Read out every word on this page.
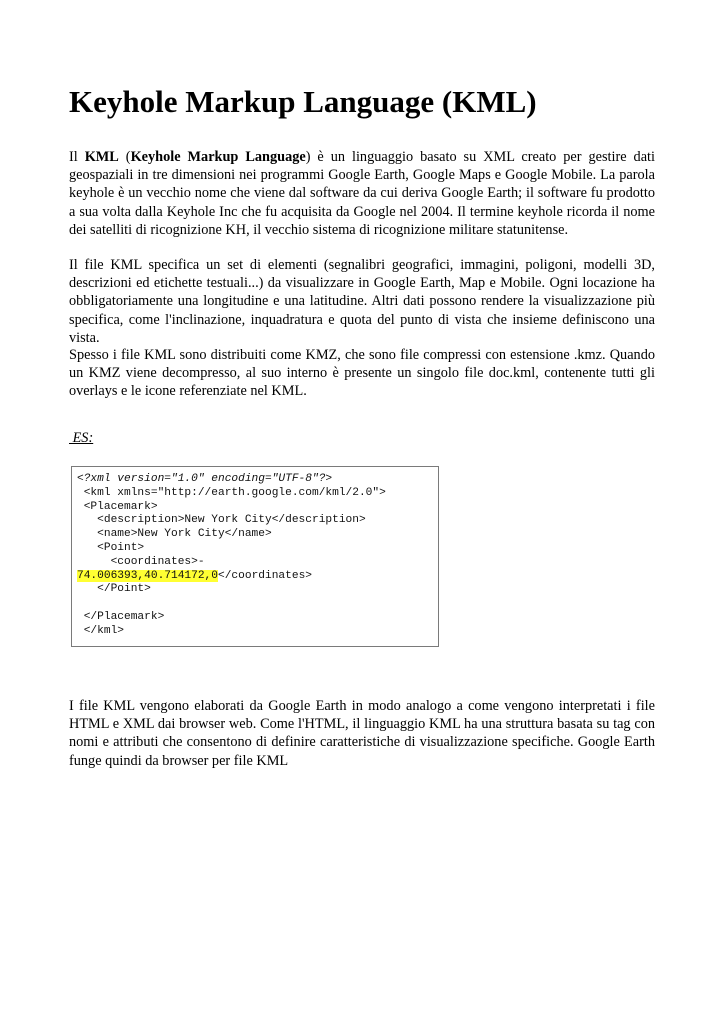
Keyhole Markup Language (KML)

Il KML (Keyhole Markup Language) è un linguaggio basato su XML creato per gestire dati geospaziali in tre dimensioni nei programmi Google Earth, Google Maps e Google Mobile. La parola keyhole è un vecchio nome che viene dal software da cui deriva Google Earth; il software fu prodotto a sua volta dalla Keyhole Inc che fu acquisita da Google nel 2004. Il termine keyhole ricorda il nome dei satelliti di ricognizione KH, il vecchio sistema di ricognizione militare statunitense.

Il file KML specifica un set di elementi (segnalibri geografici, immagini, poligoni, modelli 3D, descrizioni ed etichette testuali...) da visualizzare in Google Earth, Map e Mobile. Ogni locazione ha obbligatoriamente una longitudine e una latitudine. Altri dati possono rendere la visualizzazione più specifica, come l'inclinazione, inquadratura e quota del punto di vista che insieme definiscono una vista.

Spesso i file KML sono distribuiti come KMZ, che sono file compressi con estensione .kmz. Quando un KMZ viene decompresso, al suo interno è presente un singolo file doc.kml, contenente tutti gli overlays e le icone referenziate nel KML.

ES:
<?xml version="1.0" encoding="UTF-8"?>
<kml xmlns="http://earth.google.com/kml/2.0">
<Placemark>
<description>New York City</description>
<name>New York City</name>
<Point>
<coordinates>-
74.006393,40.714172,0</coordinates>
</Point>

</Placemark>
</kml>

I file KML vengono elaborati da Google Earth in modo analogo a come vengono interpretati i file HTML e XML dai browser web. Come l'HTML, il linguaggio KML ha una struttura basata su tag con nomi e attributi che consentono di definire caratteristiche di visualizzazione specifiche. Google Earth funge quindi da browser per file KML
